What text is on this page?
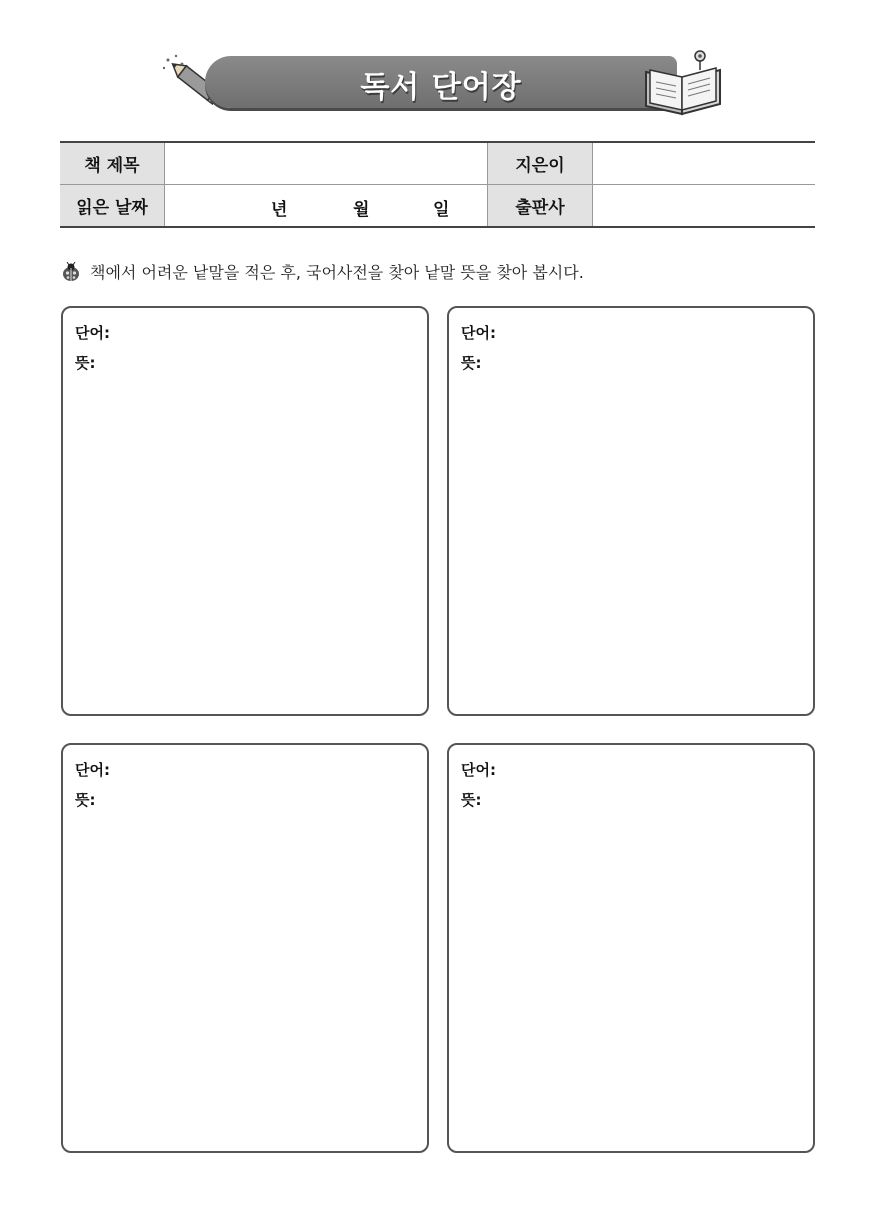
독서 단어장
책 제목		지은이	
읽은 날짜	년 월 일	출판사	
책에서 어려운 낱말을 적은 후, 국어사전을 찾아 낱말 뜻을 찾아 봅시다.
단어:
뜻:
단어:
뜻:
단어:
뜻:
단어:
뜻:
